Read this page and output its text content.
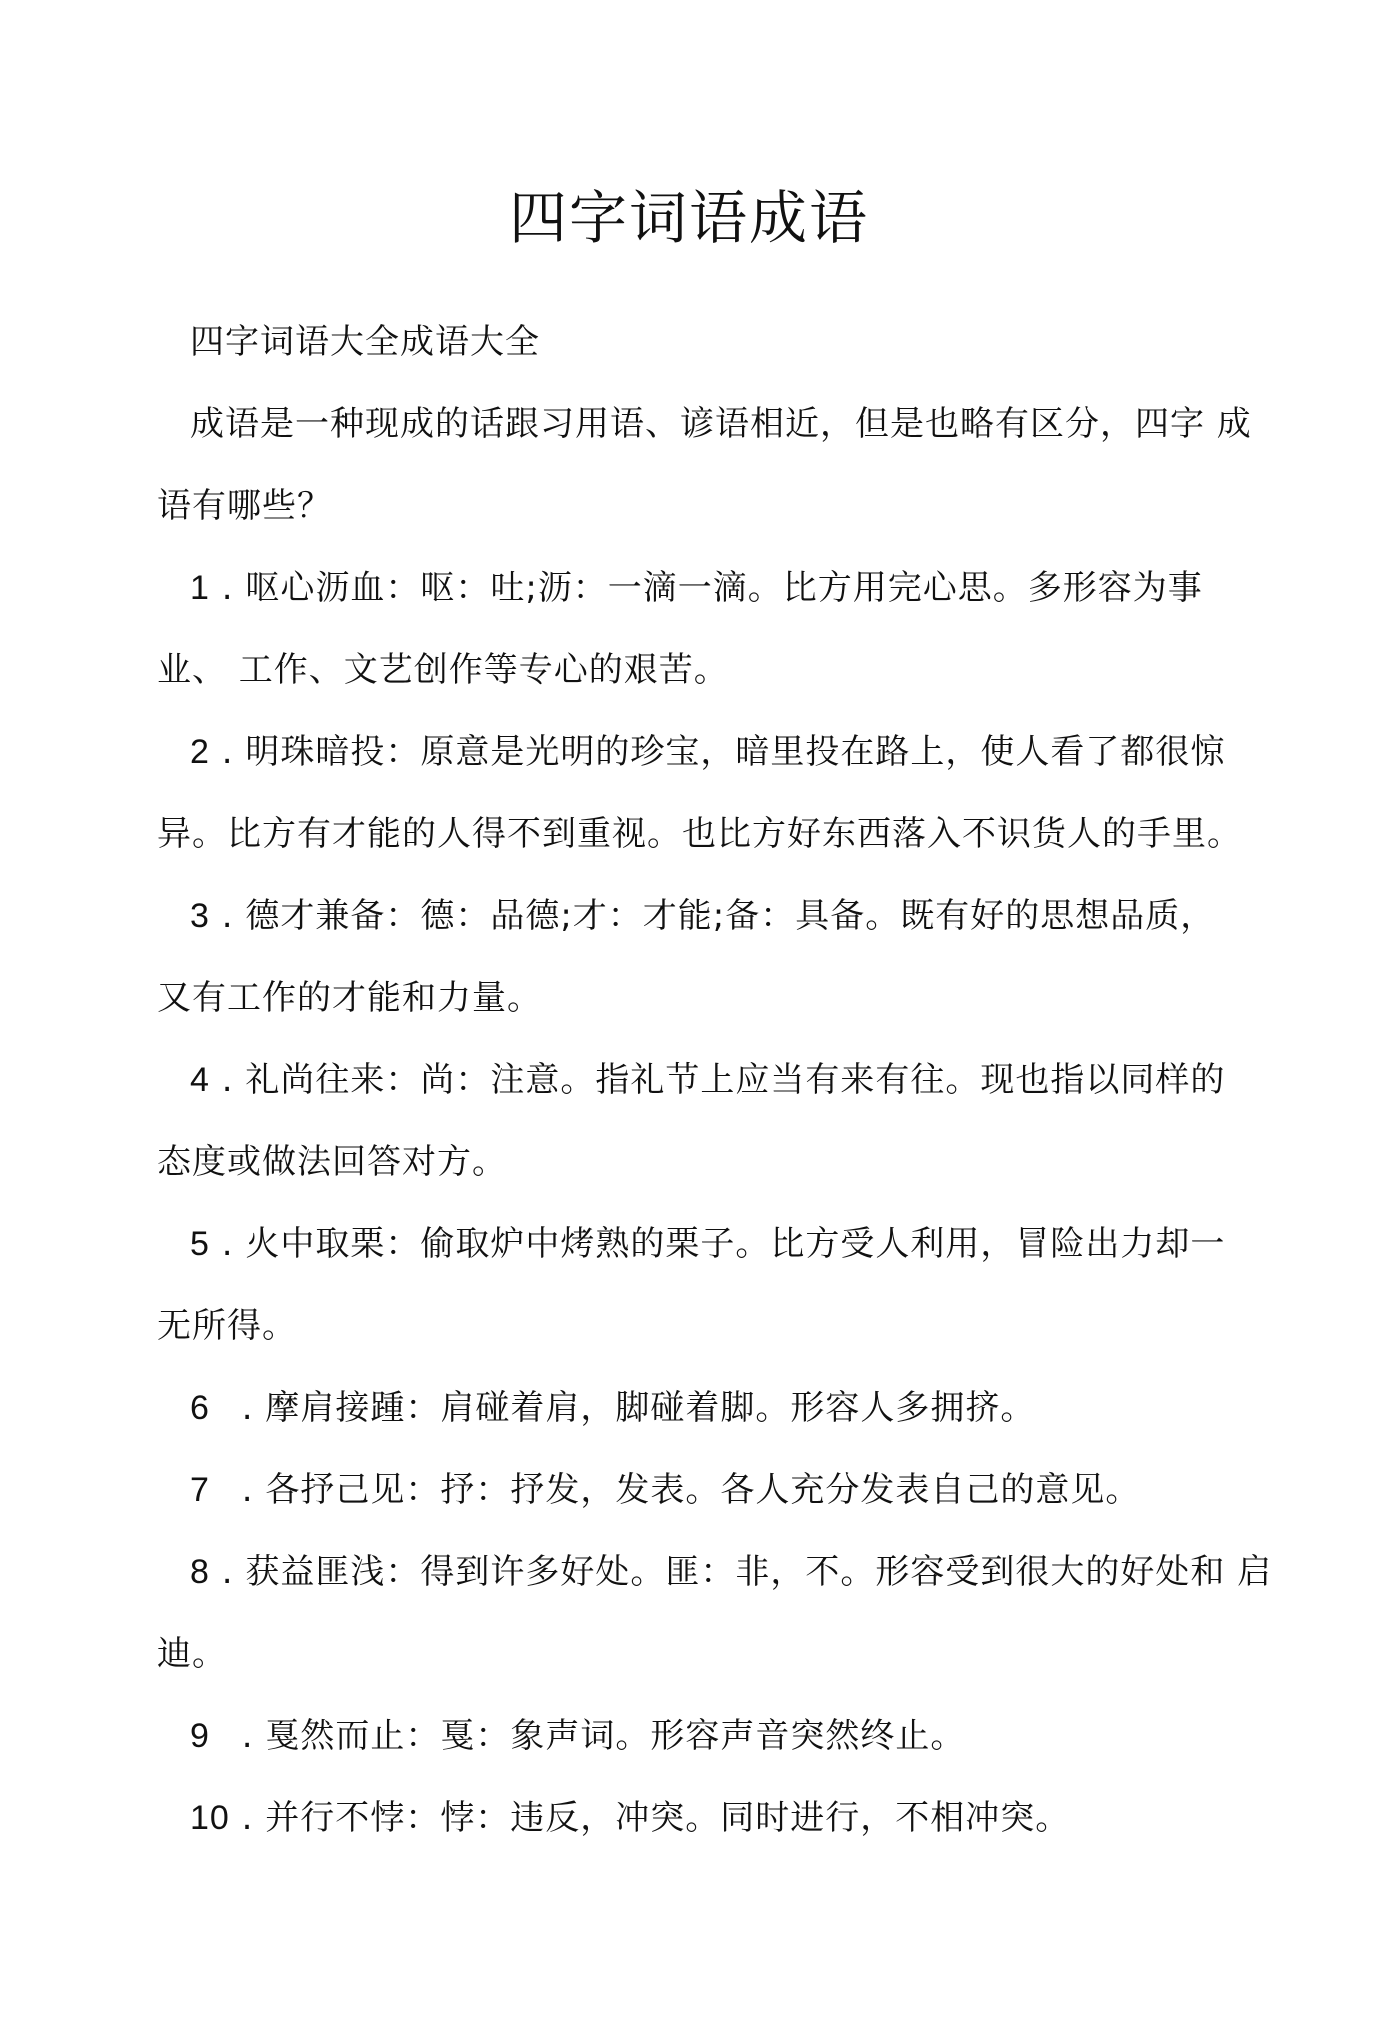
四字词语成语
四字词语大全成语大全
成语是一种现成的话跟习用语、谚语相近，但是也略有区分，四字 成
语有哪些？
1 . 呕心沥血：呕：吐;沥：一滴一滴。比方用完心思。多形容为事
业、 工作、文艺创作等专心的艰苦。
2 . 明珠暗投：原意是光明的珍宝，暗里投在路上，使人看了都很惊
异。比方有才能的人得不到重视。也比方好东西落入不识货人的手里。
3 . 德才兼备：德：品德;才：才能;备：具备。既有好的思想品质，
又有工作的才能和力量。
4 . 礼尚往来：尚：注意。指礼节上应当有来有往。现也指以同样的
态度或做法回答对方。
5 . 火中取栗：偷取炉中烤熟的栗子。比方受人利用，冒险出力却一
无所得。
6 . 摩肩接踵：肩碰着肩，脚碰着脚。形容人多拥挤。
7 . 各抒己见：抒：抒发，发表。各人充分发表自己的意见。
8 . 获益匪浅：得到许多好处。匪：非，不。形容受到很大的好处和 启
迪。
9 . 戛然而止：戛：象声词。形容声音突然终止。
10 . 并行不悖：悖：违反，冲突。同时进行，不相冲突。
